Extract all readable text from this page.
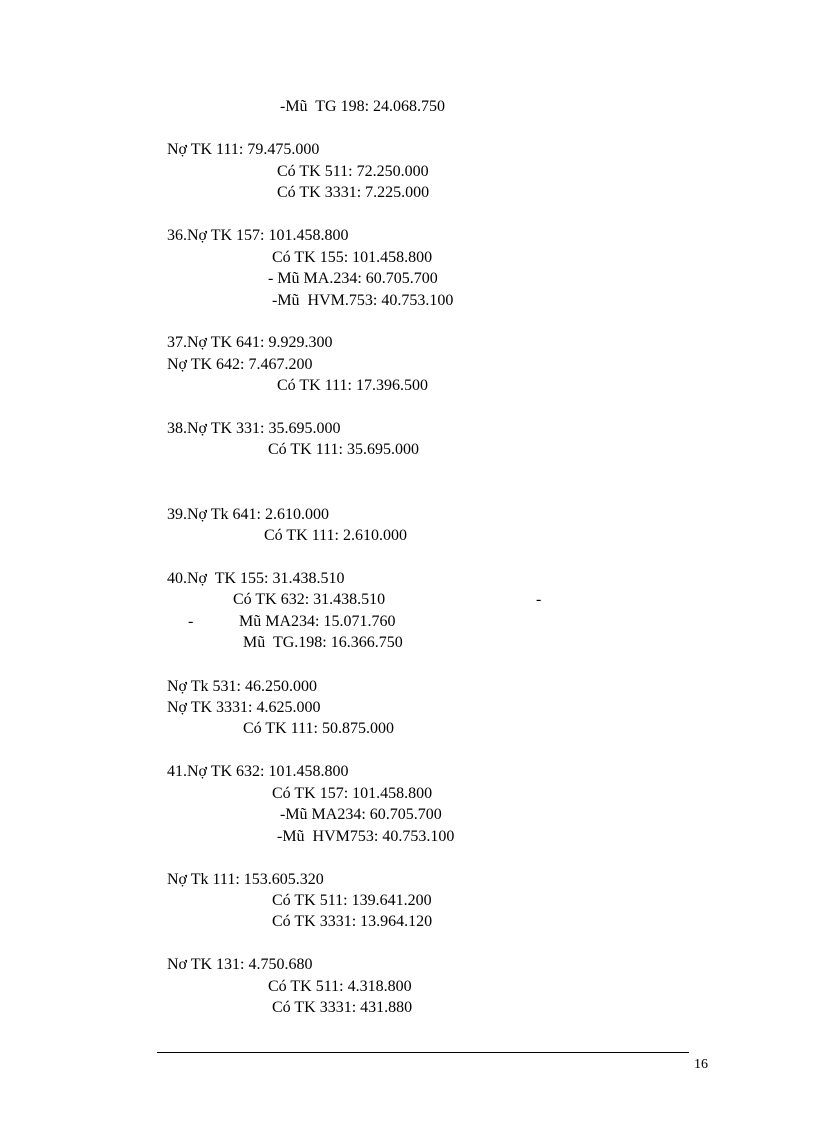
-Mũ  TG 198: 24.068.750
Nợ TK 111: 79.475.000
Có TK 511: 72.250.000
Có TK 3331: 7.225.000
36.Nợ TK 157: 101.458.800
Có TK 155: 101.458.800
- Mũ MA.234: 60.705.700
-Mũ  HVM.753: 40.753.100
37.Nợ TK 641: 9.929.300
Nợ TK 642: 7.467.200
Có TK 111: 17.396.500
38.Nợ TK 331: 35.695.000
Có TK 111: 35.695.000
39.Nợ Tk 641: 2.610.000
Có TK 111: 2.610.000
40.Nợ  TK 155: 31.438.510
Có TK 632: 31.438.510	-
-	Mũ MA234: 15.071.760
Mũ  TG.198: 16.366.750
Nợ Tk 531: 46.250.000
Nợ TK 3331: 4.625.000
Có TK 111: 50.875.000
41.Nợ TK 632: 101.458.800
Có TK 157: 101.458.800
-Mũ MA234: 60.705.700
-Mũ  HVM753: 40.753.100
Nợ Tk 111: 153.605.320
Có TK 511: 139.641.200
Có TK 3331: 13.964.120
Nơ TK 131: 4.750.680
Có TK 511: 4.318.800
Có TK 3331: 431.880
16
